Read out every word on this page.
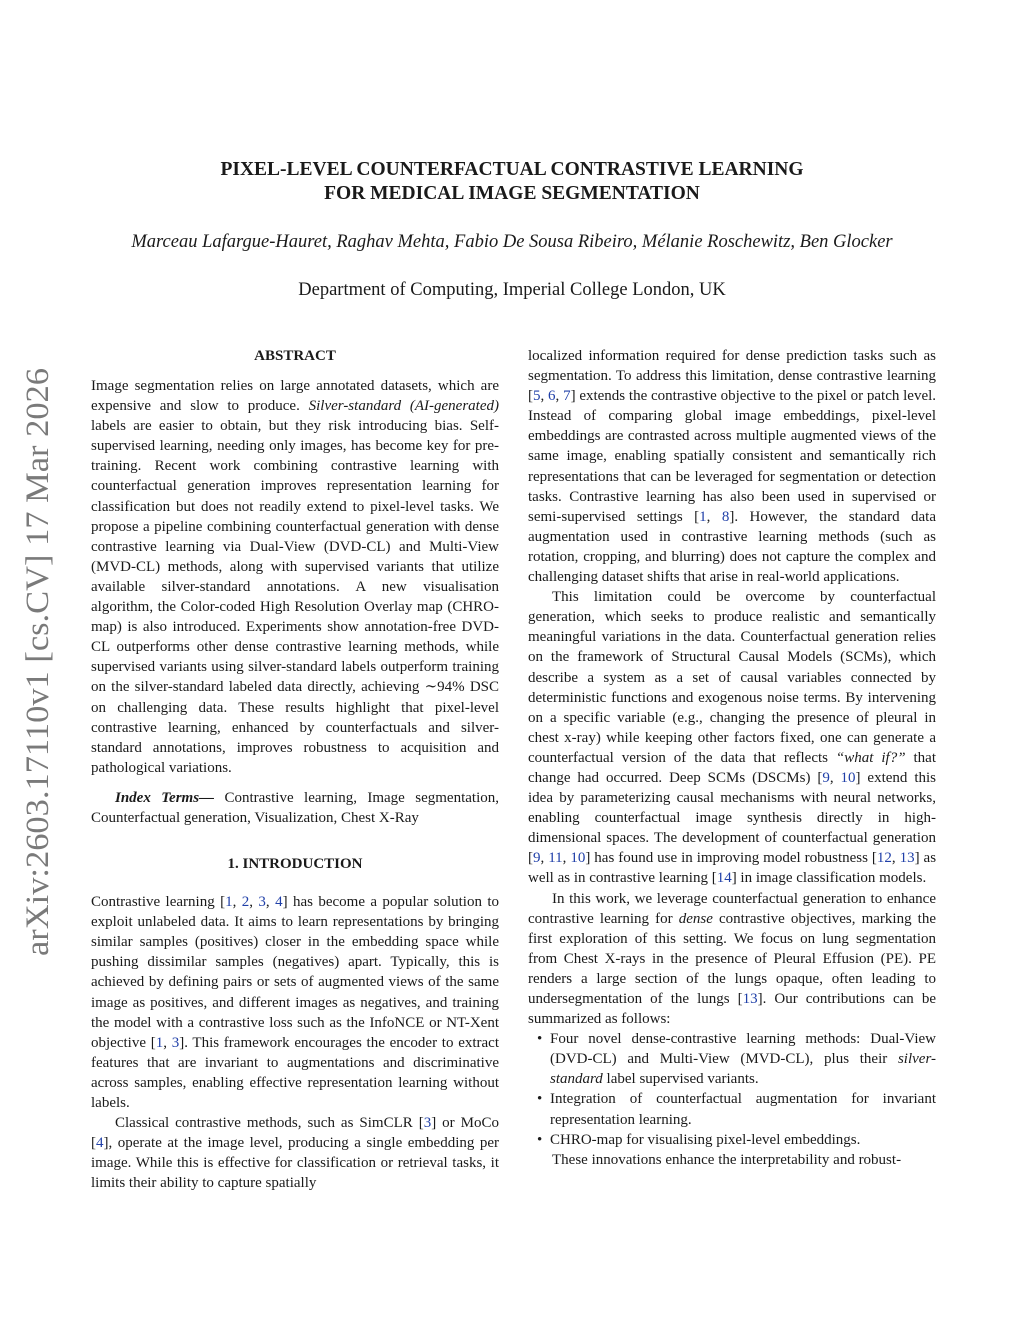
arXiv:2603.17110v1 [cs.CV] 17 Mar 2026
PIXEL-LEVEL COUNTERFACTUAL CONTRASTIVE LEARNING
FOR MEDICAL IMAGE SEGMENTATION
Marceau Lafargue-Hauret, Raghav Mehta, Fabio De Sousa Ribeiro, Mélanie Roschewitz, Ben Glocker
Department of Computing, Imperial College London, UK
ABSTRACT

Image segmentation relies on large annotated datasets, which are expensive and slow to produce. Silver-standard (AI-generated) labels are easier to obtain, but they risk introducing bias. Self-supervised learning, needing only images, has become key for pre-training. Recent work combining contrastive learning with counterfactual generation improves representation learning for classification but does not readily extend to pixel-level tasks. We propose a pipeline combining counterfactual generation with dense contrastive learning via Dual-View (DVD-CL) and Multi-View (MVD-CL) methods, along with supervised variants that utilize available silver-standard annotations. A new visualisation algorithm, the Color-coded High Resolution Overlay map (CHRO-map) is also introduced. Experiments show annotation-free DVD-CL outperforms other dense contrastive learning methods, while supervised variants using silver-standard labels outperform training on the silver-standard labeled data directly, achieving ∼94% DSC on challenging data. These results highlight that pixel-level contrastive learning, enhanced by counterfactuals and silver-standard annotations, improves robustness to acquisition and pathological variations.

Index Terms— Contrastive learning, Image segmentation, Counterfactual generation, Visualization, Chest X-Ray

1. INTRODUCTION

Contrastive learning [1, 2, 3, 4] has become a popular solution to exploit unlabeled data. It aims to learn representations by bringing similar samples (positives) closer in the embedding space while pushing dissimilar samples (negatives) apart. Typically, this is achieved by defining pairs or sets of augmented views of the same image as positives, and different images as negatives, and training the model with a contrastive loss such as the InfoNCE or NT-Xent objective [1, 3]. This framework encourages the encoder to extract features that are invariant to augmentations and discriminative across samples, enabling effective representation learning without labels.

Classical contrastive methods, such as SimCLR [3] or MoCo [4], operate at the image level, producing a single embedding per image. While this is effective for classification or retrieval tasks, it limits their ability to capture spatially

localized information required for dense prediction tasks such as segmentation. To address this limitation, dense contrastive learning [5, 6, 7] extends the contrastive objective to the pixel or patch level. Instead of comparing global image embeddings, pixel-level embeddings are contrasted across multiple augmented views of the same image, enabling spatially consistent and semantically rich representations that can be leveraged for segmentation or detection tasks. Contrastive learning has also been used in supervised or semi-supervised settings [1, 8]. However, the standard data augmentation used in contrastive learning methods (such as rotation, cropping, and blurring) does not capture the complex and challenging dataset shifts that arise in real-world applications.

This limitation could be overcome by counterfactual generation, which seeks to produce realistic and semantically meaningful variations in the data. Counterfactual generation relies on the framework of Structural Causal Models (SCMs), which describe a system as a set of causal variables connected by deterministic functions and exogenous noise terms. By intervening on a specific variable (e.g., changing the presence of pleural in chest x-ray) while keeping other factors fixed, one can generate a counterfactual version of the data that reflects “what if?” that change had occurred. Deep SCMs (DSCMs) [9, 10] extend this idea by parameterizing causal mechanisms with neural networks, enabling counterfactual image synthesis directly in high-dimensional spaces. The development of counterfactual generation [9, 11, 10] has found use in improving model robustness [12, 13] as well as in contrastive learning [14] in image classification models.

In this work, we leverage counterfactual generation to enhance contrastive learning for dense contrastive objectives, marking the first exploration of this setting. We focus on lung segmentation from Chest X-rays in the presence of Pleural Effusion (PE). PE renders a large section of the lungs opaque, often leading to undersegmentation of the lungs [13]. Our contributions can be summarized as follows:

• Four novel dense-contrastive learning methods: Dual-View (DVD-CL) and Multi-View (MVD-CL), plus their silver-standard label supervised variants.
• Integration of counterfactual augmentation for invariant representation learning.
• CHRO-map for visualising pixel-level embeddings.

These innovations enhance the interpretability and robust-
